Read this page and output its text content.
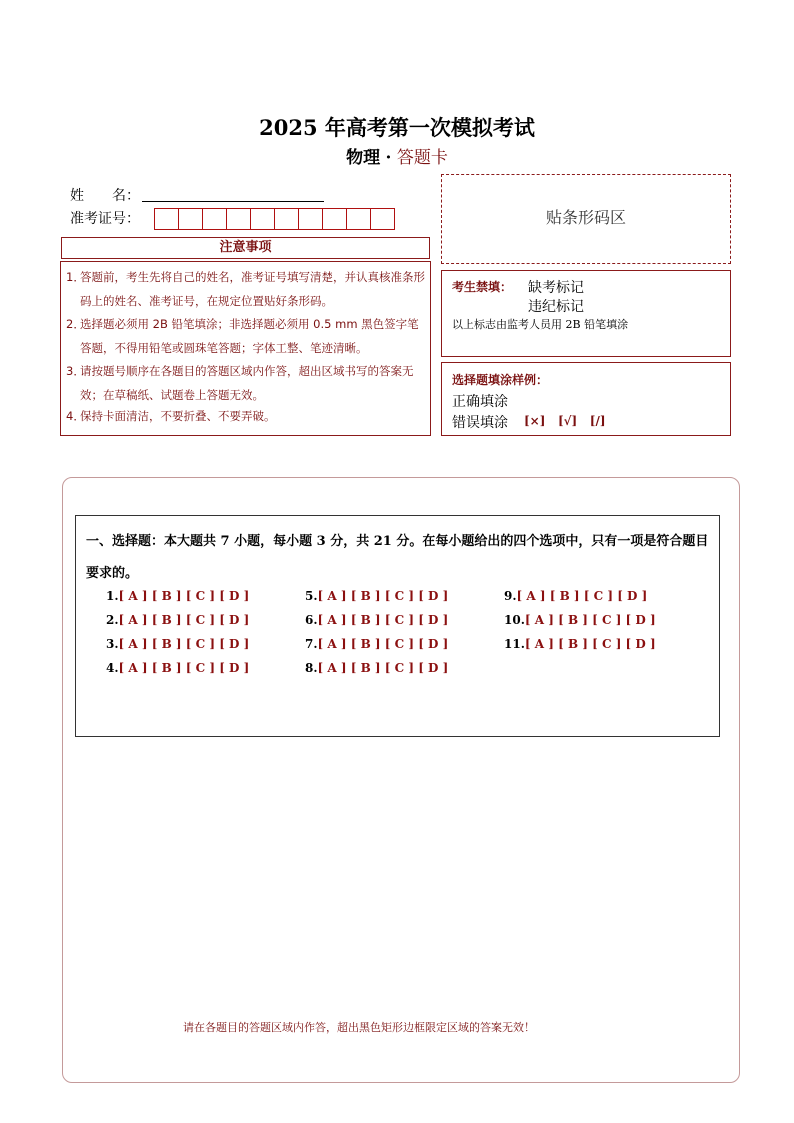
2025 年高考第一次模拟考试
物理 · 答题卡
姓　　名：
准考证号：	贴条形码区
注意事项
1．
答题前，考生先将自己的姓名，准考证号填写清楚，并认真核准条形码上的姓名、准考证号，在规定位置贴好条形码。
2．
选择题必须用 2B 铅笔填涂；非选择题必须用 0.5 mm 黑色签字笔答题，不得用铅笔或圆珠笔答题；字体工整、笔迹清晰。
3．
请按题号顺序在各题目的答题区域内作答，超出区域书写的答案无效；在草稿纸、试题卷上答题无效。
4．
保持卡面清洁，不要折叠、不要弄破。
考生禁填： 缺考标记
违纪标记
以上标志由监考人员用 2B 铅笔填涂
选择题填涂样例：
正确填涂
错误填涂 [×] [√] [/]
一、选择题：本大题共 7 小题，每小题 3 分，共 21 分。在每小题给出的四个选项中，只有一项是符合题目要求的。
1.[ A ] [ B ] [ C ] [ D ]
2.[ A ] [ B ] [ C ] [ D ]
3.[ A ] [ B ] [ C ] [ D ]
4.[ A ] [ B ] [ C ] [ D ]
5.[ A ] [ B ] [ C ] [ D ]
6.[ A ] [ B ] [ C ] [ D ]
7.[ A ] [ B ] [ C ] [ D ]
8.[ A ] [ B ] [ C ] [ D ]
9.[ A ] [ B ] [ C ] [ D ]
10.[ A ] [ B ] [ C ] [ D ]
11.[ A ] [ B ] [ C ] [ D ]
请在各题目的答题区域内作答，超出黑色矩形边框限定区域的答案无效！
